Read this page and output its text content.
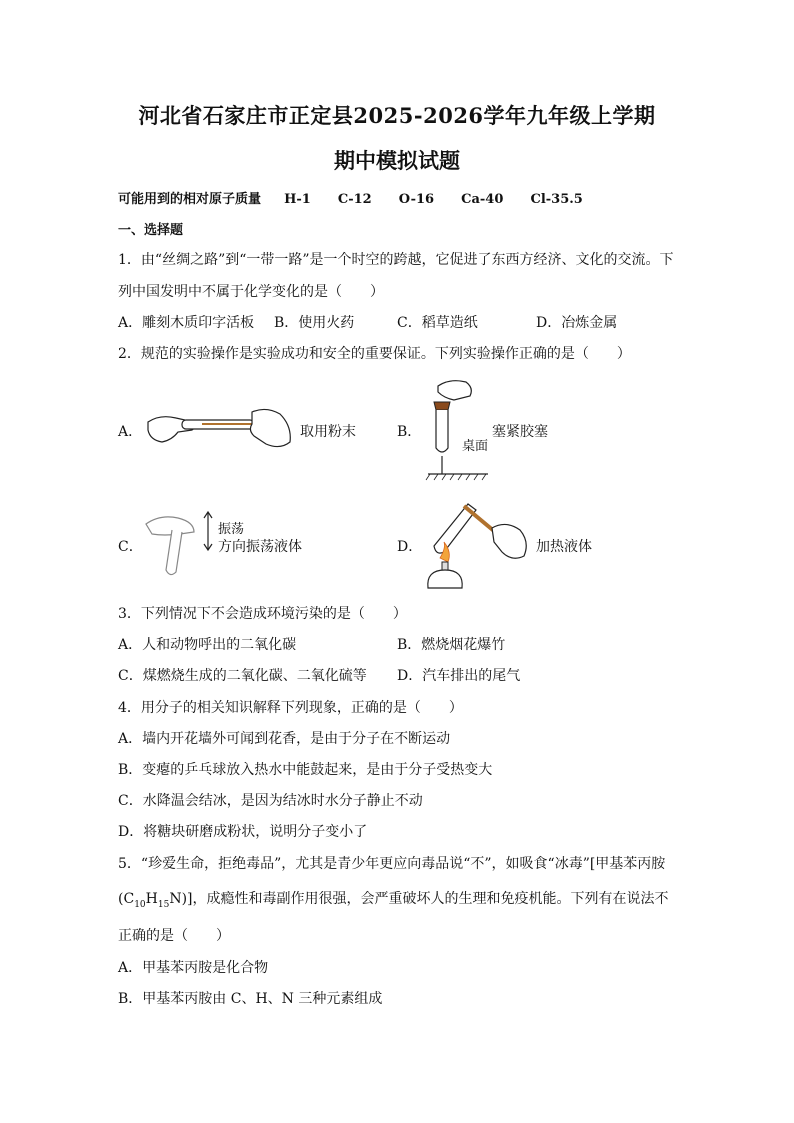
河北省石家庄市正定县2025-2026学年九年级上学期
期中模拟试题
可能用到的相对原子质量 H-1 C-12 O-16 Ca-40 Cl-35.5
一、选择题
1．由“丝绸之路”到“一带一路”是一个时空的跨越，它促进了东西方经济、文化的交流。下
列中国发明中不属于化学变化的是（　　）
A．雕刻木质印字活板 B．使用火药	C．稻草造纸	D．冶炼金属
2．规范的实验操作是实验成功和安全的重要保证。下列实验操作正确的是（　　）
A．	取用粉末	B．	塞紧胶塞
桌面
C．
振荡
方向振荡液体	D．	加热液体
3．下列情况下不会造成环境污染的是（　　）
A．人和动物呼出的二氧化碳	B．燃烧烟花爆竹
C．煤燃烧生成的二氧化碳、二氧化硫等 D．汽车排出的尾气
4．用分子的相关知识解释下列现象，正确的是（　　）
A．墙内开花墙外可闻到花香，是由于分子在不断运动
B．变瘪的乒乓球放入热水中能鼓起来，是由于分子受热变大
C．水降温会结冰，是因为结冰时水分子静止不动
D．将糖块研磨成粉状，说明分子变小了
5．“珍爱生命，拒绝毒品”，尤其是青少年更应向毒品说“不”，如吸食“冰毒”[甲基苯丙胺
$(C_{10}H_{15}N)$]，成瘾性和毒副作用很强，会严重破坏人的生理和免疫机能。下列有在说法不
正确的是（　　）
A．甲基苯丙胺是化合物
B．甲基苯丙胺由 C、H、N 三种元素组成
